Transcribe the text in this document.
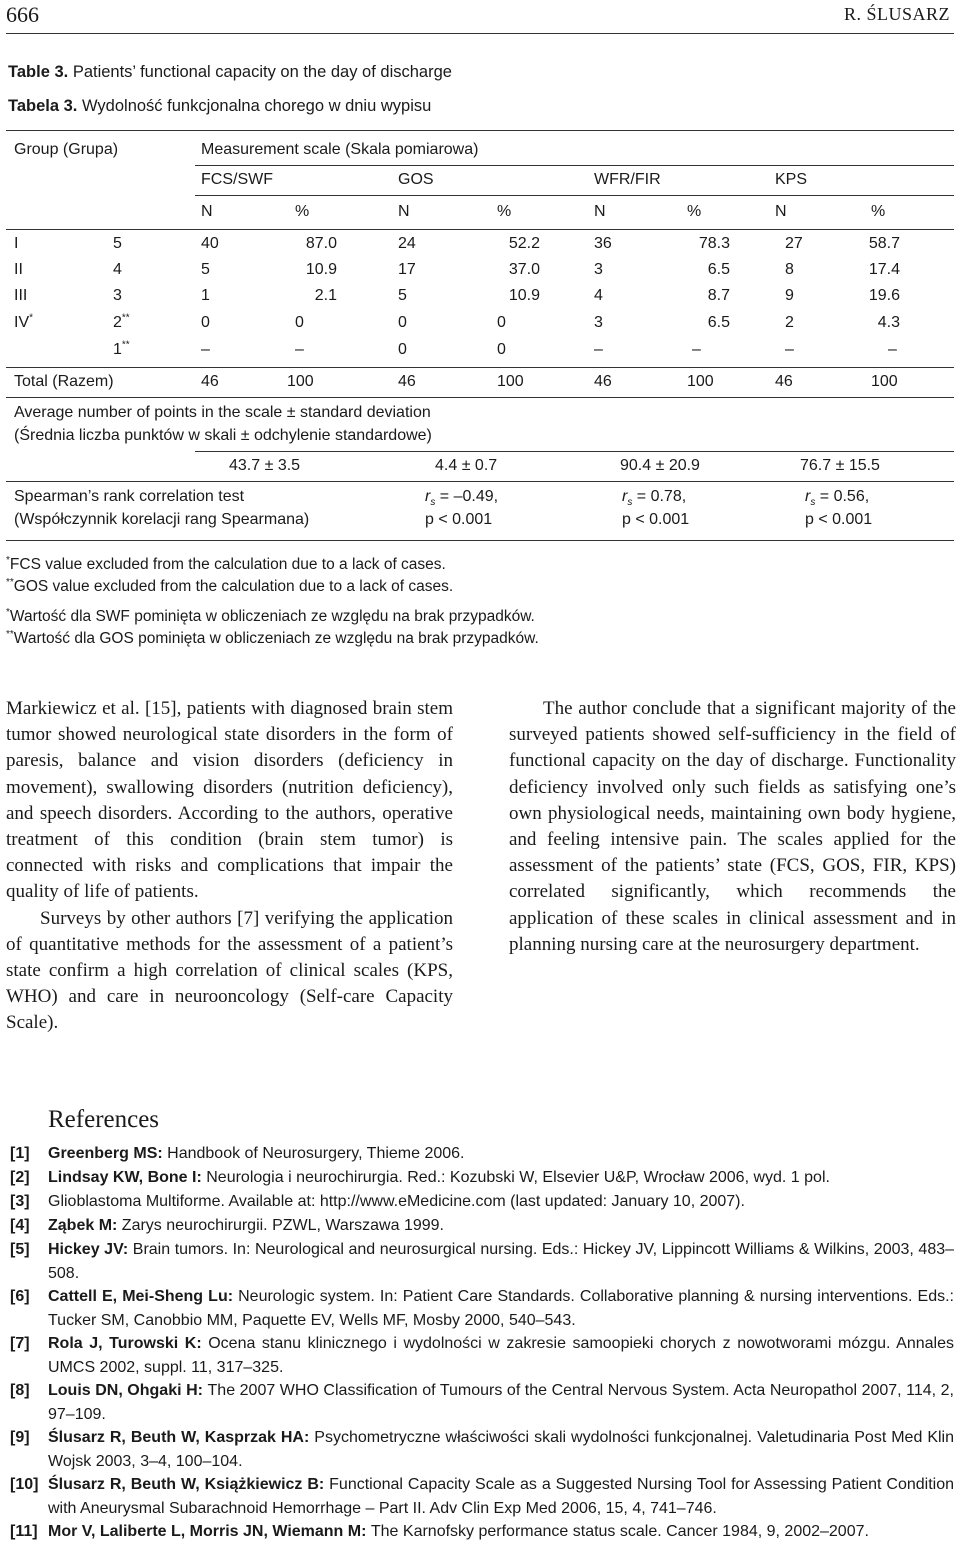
666	R. ŚLUSARZ
Table 3. Patients’ functional capacity on the day of discharge
Tabela 3. Wydolność funkcjonalna chorego w dniu wypisu
Group (Grupa)	Measurement scale (Skala pomiarowa)
FCS/SWF	GOS	WFR/FIR	KPS
N	%	N	%	N	%	N	%
I	5	40	87.0	24	52.2	36	78.3	27	58.7
II	4	5	10.9	17	37.0	3	6.5	8	17.4
III	3	1	2.1	5	10.9	4	8.7	9	19.6
IV*	2**	0	0	0	0	3	6.5	2	4.3
1**	–	–	0	0	–	–	–	–
Total (Razem)	46	100	46	100	46	100	46	100
Average number of points in the scale ± standard deviation
(Średnia liczba punktów w skali ± odchylenie standardowe)
43.7 ± 3.5	4.4 ± 0.7	90.4 ± 20.9	76.7 ± 15.5
Spearman’s rank correlation test
(Współczynnik korelacji rang Spearmana)
$r_s = -0.49$,	$r_s = 0.78$,	$r_s = 0.56$,
p < 0.001	p < 0.001	p < 0.001
*FCS value excluded from the calculation due to a lack of cases.
**GOS value excluded from the calculation due to a lack of cases.
*Wartość dla SWF pominięta w obliczeniach ze względu na brak przypadków.
**Wartość dla GOS pominięta w obliczeniach ze względu na brak przypadków.

Markiewicz et al. [15], patients with diagnosed brain stem tumor showed neurological state disorders in the form of paresis, balance and vision disorders (deficiency in movement), swallowing disorders (nutrition deficiency), and speech disorders. According to the authors, operative treatment of this condition (brain stem tumor) is connected with risks and complications that impair the quality of life of patients.

Surveys by other authors [7] verifying the application of quantitative methods for the assessment of a patient’s state confirm a high correlation of clinical scales (KPS, WHO) and care in neurooncology (Self-care Capacity Scale).

The author conclude that a significant majority of the surveyed patients showed self-sufficiency in the field of functional capacity on the day of discharge. Functionality deficiency involved only such fields as satisfying one’s own physiological needs, maintaining own body hygiene, and feeling intensive pain. The scales applied for the assessment of the patients’ state (FCS, GOS, FIR, KPS) correlated significantly, which recommends the application of these scales in clinical assessment and in planning nursing care at the neurosurgery department.

References
[1]	Greenberg MS: Handbook of Neurosurgery, Thieme 2006.
[2]	Lindsay KW, Bone I: Neurologia i neurochirurgia. Red.: Kozubski W, Elsevier U&P, Wrocław 2006, wyd. 1 pol.
[3]	Glioblastoma Multiforme. Available at: http://www.eMedicine.com (last updated: January 10, 2007).
[4]	Ząbek M: Zarys neurochirurgii. PZWL, Warszawa 1999.
[5]	Hickey JV: Brain tumors. In: Neurological and neurosurgical nursing. Eds.: Hickey JV, Lippincott Williams & Wilkins, 2003, 483–508.
[6]	Cattell E, Mei-Sheng Lu: Neurologic system. In: Patient Care Standards. Collaborative planning & nursing interventions. Eds.: Tucker SM, Canobbio MM, Paquette EV, Wells MF, Mosby 2000, 540–543.
[7]	Rola J, Turowski K: Ocena stanu klinicznego i wydolności w zakresie samoopieki chorych z nowotworami mózgu. Annales UMCS 2002, suppl. 11, 317–325.
[8]	Louis DN, Ohgaki H: The 2007 WHO Classification of Tumours of the Central Nervous System. Acta Neuropathol 2007, 114, 2, 97–109.
[9]	Ślusarz R, Beuth W, Kasprzak HA: Psychometryczne właściwości skali wydolności funkcjonalnej. Valetudinaria Post Med Klin Wojsk 2003, 3–4, 100–104.
[10] Ślusarz R, Beuth W, Książkiewicz B: Functional Capacity Scale as a Suggested Nursing Tool for Assessing Patient Condition with Aneurysmal Subarachnoid Hemorrhage – Part II. Adv Clin Exp Med 2006, 15, 4, 741–746.
[11] Mor V, Laliberte L, Morris JN, Wiemann M: The Karnofsky performance status scale. Cancer 1984, 9, 2002–2007.
